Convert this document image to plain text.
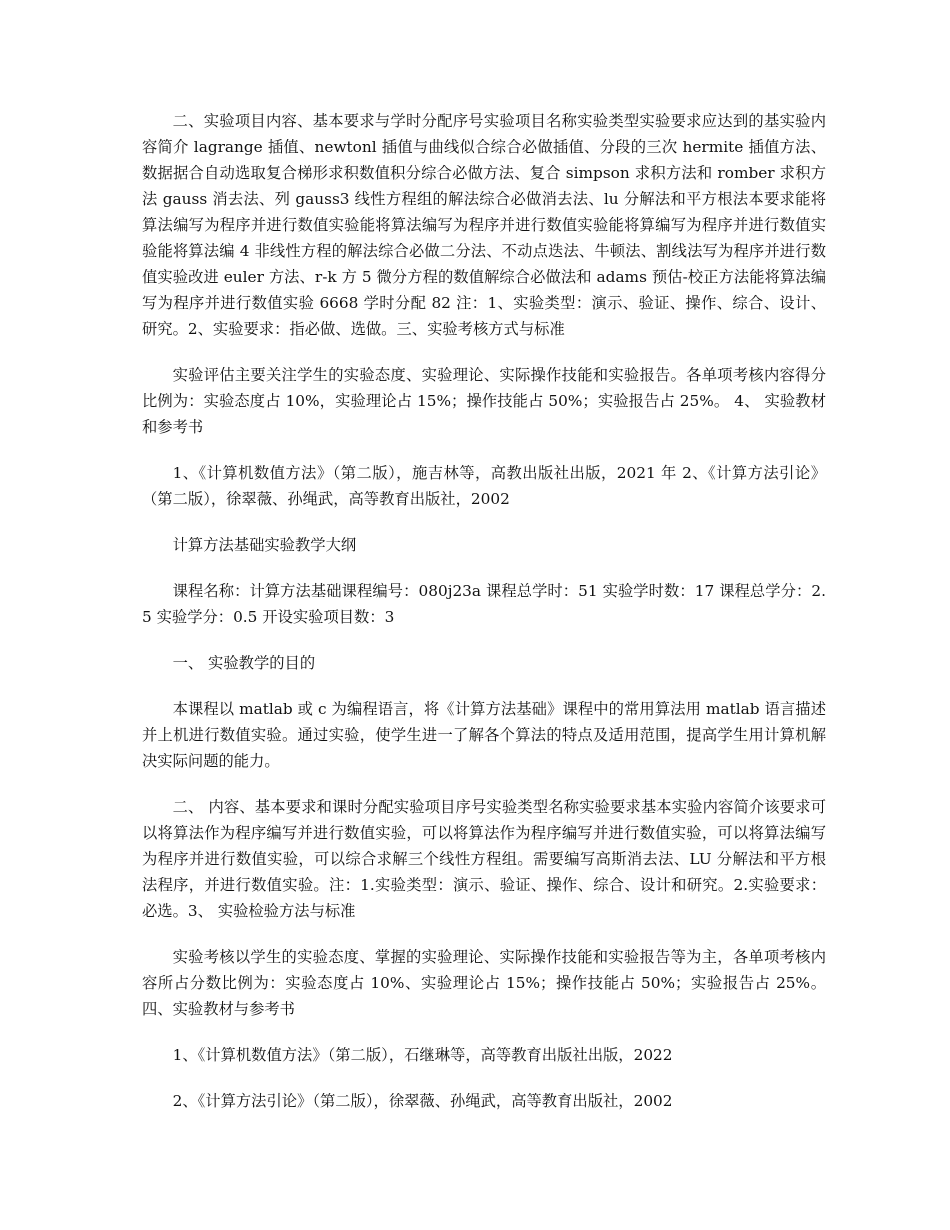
二、实验项目内容、基本要求与学时分配序号实验项目名称实验类型实验要求应达到的基实验内容简介 lagrange 插值、newtonl 插值与曲线似合综合必做插值、分段的三次 hermite 插值方法、数据据合自动选取复合梯形求积数值积分综合必做方法、复合 simpson 求积方法和 romber 求积方法 gauss 消去法、列 gauss3 线性方程组的解法综合必做消去法、lu 分解法和平方根法本要求能将算法编写为程序并进行数值实验能将算法编写为程序并进行数值实验能将算编写为程序并进行数值实验能将算法编 4 非线性方程的解法综合必做二分法、不动点迭法、牛顿法、割线法写为程序并进行数值实验改进 euler 方法、r-k 方 5 微分方程的数值解综合必做法和 adams 预估-校正方法能将算法编写为程序并进行数值实验 6668 学时分配 82 注：1、实验类型：演示、验证、操作、综合、设计、研究。2、实验要求：指必做、选做。三、实验考核方式与标准

实验评估主要关注学生的实验态度、实验理论、实际操作技能和实验报告。各单项考核内容得分比例为：实验态度占 10%，实验理论占 15%；操作技能占 50%；实验报告占 25%。 4、 实验教材和参考书

1、《计算机数值方法》（第二版），施吉林等，高教出版社出版，2021 年 2、《计算方法引论》（第二版），徐翠薇、孙绳武，高等教育出版社，2002

计算方法基础实验教学大纲

课程名称：计算方法基础课程编号：080j23a 课程总学时：51 实验学时数：17 课程总学分：2.5 实验学分：0.5 开设实验项目数：3

一、 实验教学的目的

本课程以 matlab 或 c 为编程语言，将《计算方法基础》课程中的常用算法用 matlab 语言描述并上机进行数值实验。通过实验，使学生进一了解各个算法的特点及适用范围，提高学生用计算机解决实际问题的能力。

二、 内容、基本要求和课时分配实验项目序号实验类型名称实验要求基本实验内容简介该要求可以将算法作为程序编写并进行数值实验，可以将算法作为程序编写并进行数值实验，可以将算法编写为程序并进行数值实验，可以综合求解三个线性方程组。需要编写高斯消去法、LU 分解法和平方根法程序，并进行数值实验。注：1.实验类型：演示、验证、操作、综合、设计和研究。2.实验要求：必选。3、 实验检验方法与标准

实验考核以学生的实验态度、掌握的实验理论、实际操作技能和实验报告等为主，各单项考核内容所占分数比例为：实验态度占 10%、实验理论占 15%；操作技能占 50%；实验报告占 25%。四、实验教材与参考书

1、《计算机数值方法》（第二版），石继琳等，高等教育出版社出版，2022

2、《计算方法引论》（第二版），徐翠薇、孙绳武，高等教育出版社，2002
